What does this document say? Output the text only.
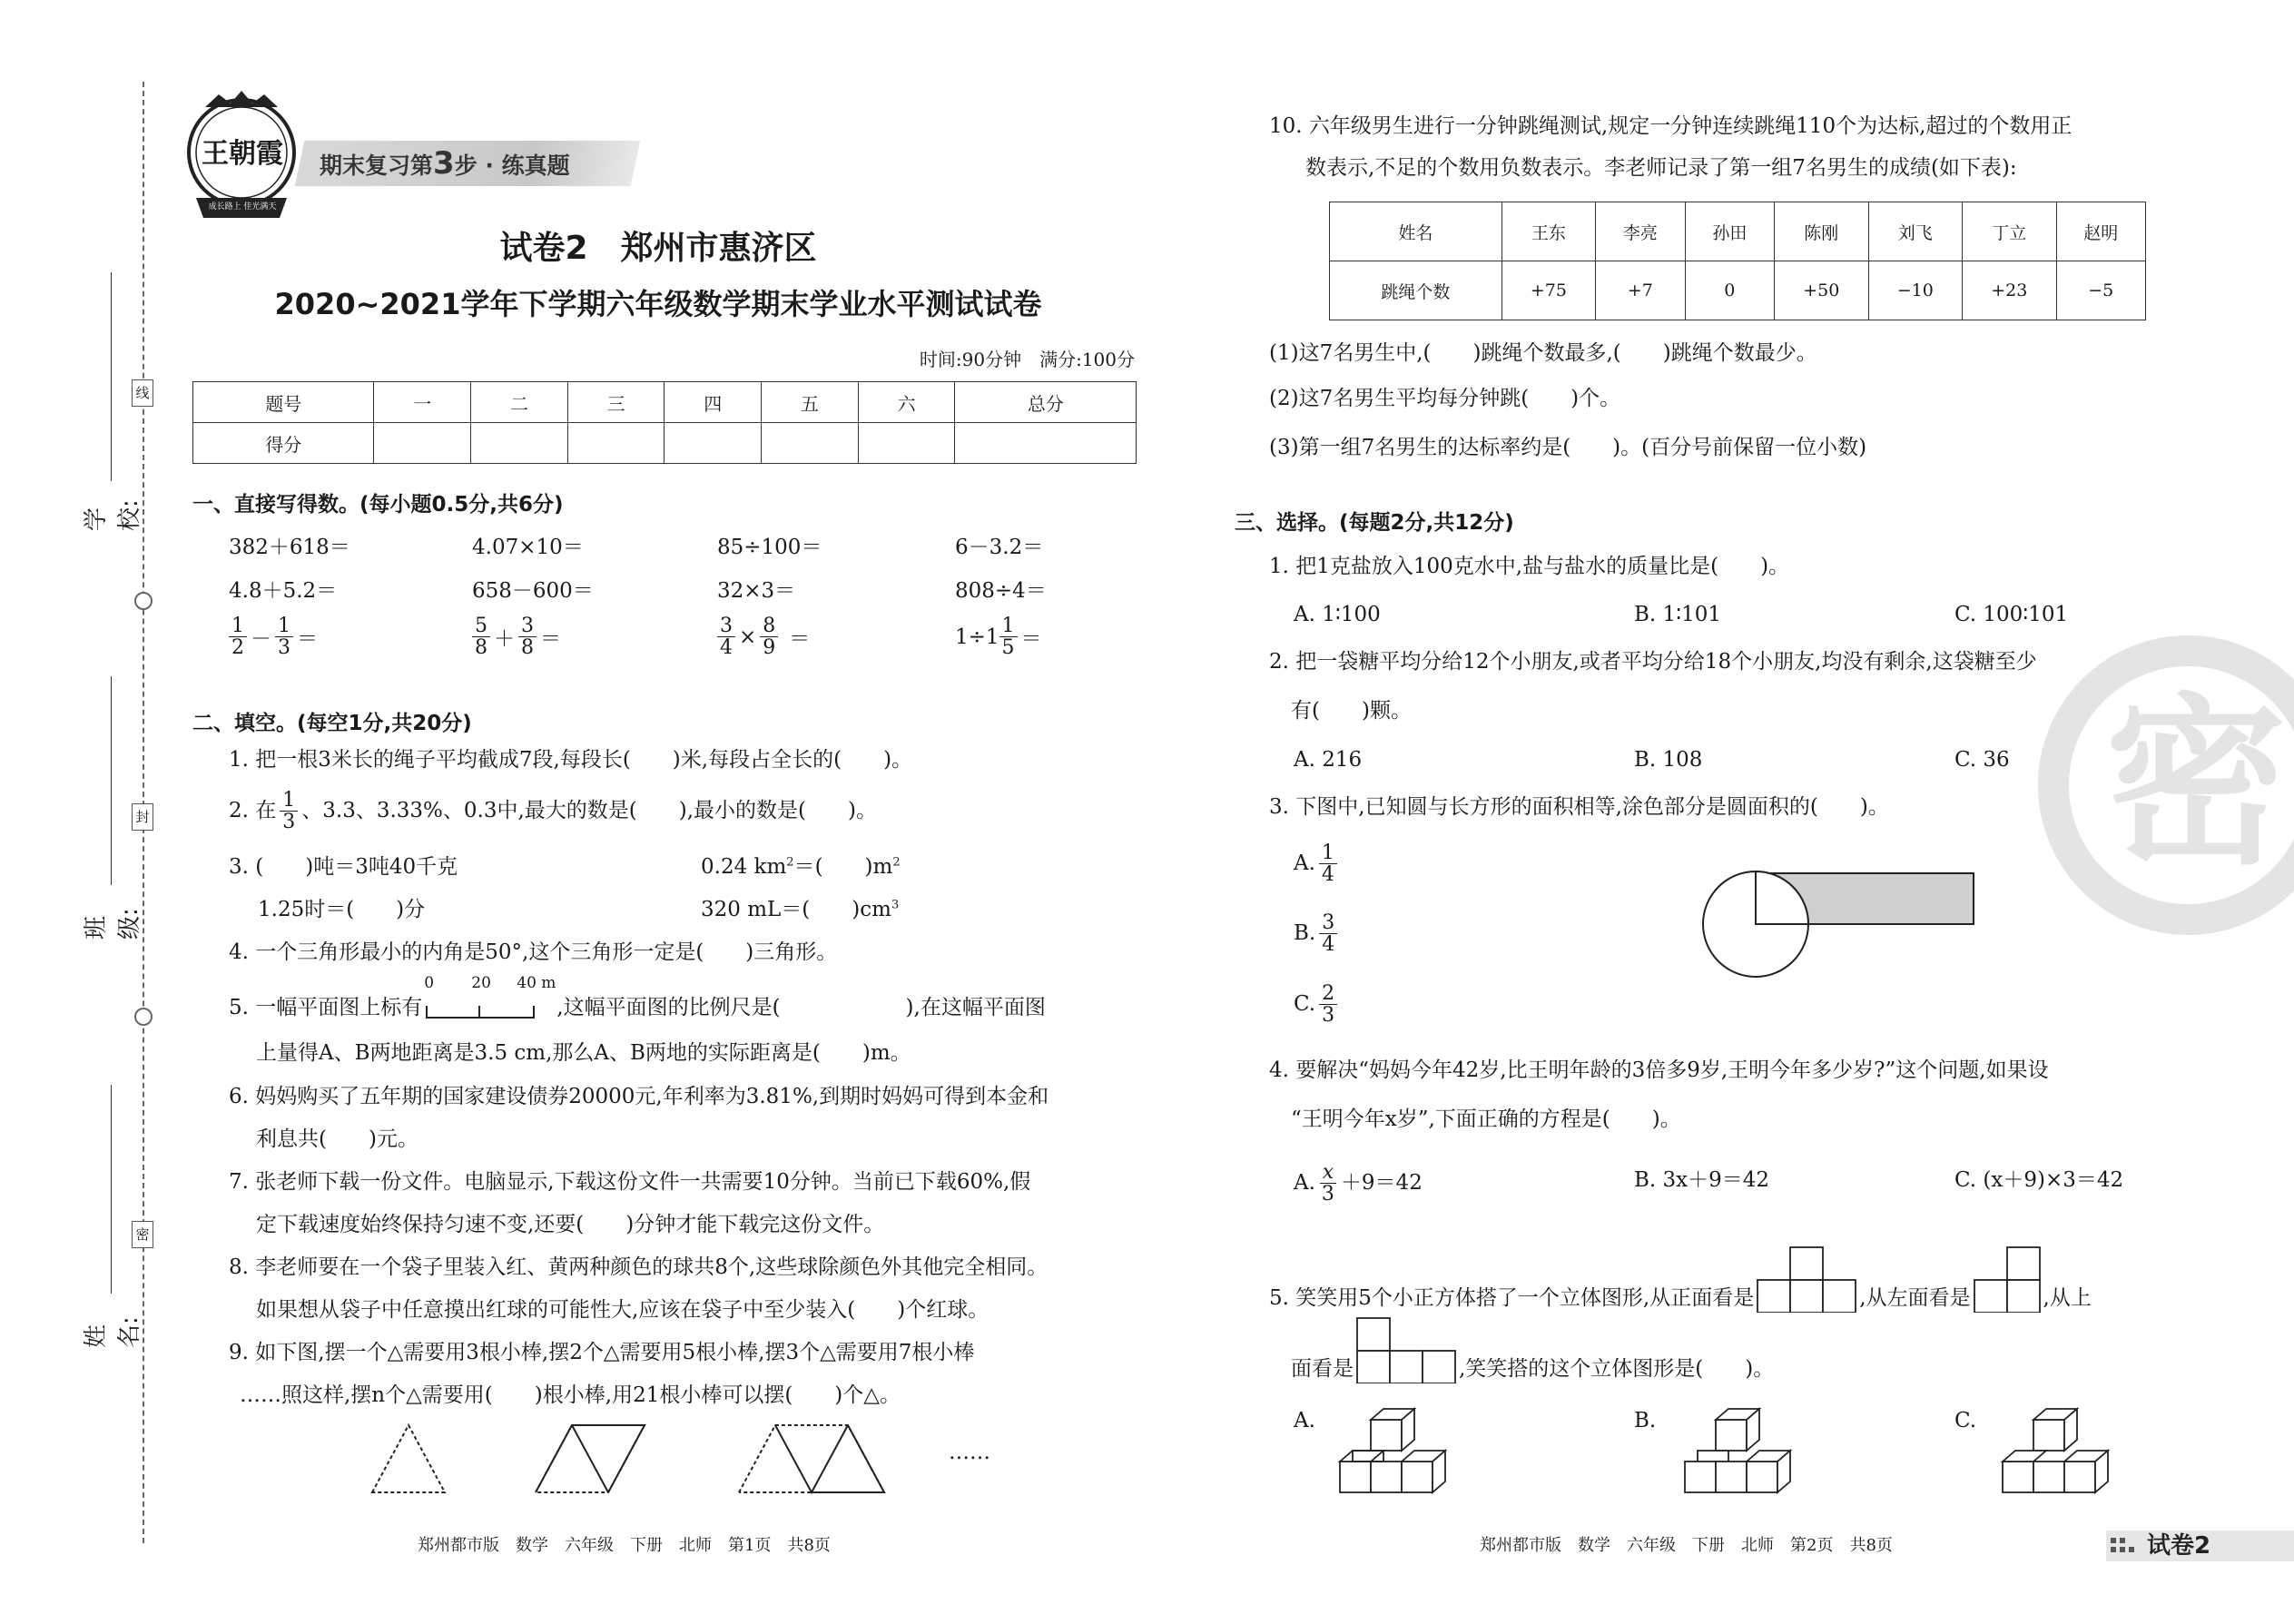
线
封
密
学校:
班级:
姓名:
王朝霞
成长路上 佳光满天
期末复习第3步 · 练真题
试卷2　郑州市惠济区
2020~2021学年下学期六年级数学期末学业水平测试试卷
时间:90分钟　满分:100分
题号	一	二	三	四	五	六	总分
得分							
一、直接写得数。(每小题0.5分,共6分)
382＋618＝	4.07×10＝	85÷100＝	6－3.2＝
4.8＋5.2＝	658－600＝	32×3＝	808÷4＝
$\frac{1}{2} - \frac{1}{3}$ ＝	$\frac{5}{8} + \frac{3}{8}$ ＝	$\frac{3}{4} \times \frac{8}{9}$ ＝	$1\div 1 \frac{1}{5}$ ＝
二、填空。(每空1分,共20分)
1. 把一根3米长的绳子平均截成7段,每段长(　　)米,每段占全长的(　　)。
2. 在 $\frac{1}{3}$ 、3.3、3.33%、0.3中,最大的数是(　　),最小的数是(　　)。
3. (　　)吨＝3吨40千克	0.24 $km^2=$(　　)$m^2$
1.25时＝(　　)分	320 mL＝(　　)$cm^3$
4. 一个三角形最小的内角是50°,这个三角形一定是(　　)三角形。
5. 一幅平面图上标有
0 20 40 m
,这幅平面图的比例尺是(　　　　　　),在这幅平面图
上量得A、B两地距离是3.5 cm,那么A、B两地的实际距离是(　　)m。
6. 妈妈购买了五年期的国家建设债券20000元,年利率为3.81%,到期时妈妈可得到本金和
利息共(　　)元。
7. 张老师下载一份文件。电脑显示,下载这份文件一共需要10分钟。当前已下载60%,假
定下载速度始终保持匀速不变,还要(　　)分钟才能下载完这份文件。
8. 李老师要在一个袋子里装入红、黄两种颜色的球共8个,这些球除颜色外其他完全相同。
如果想从袋子中任意摸出红球的可能性大,应该在袋子中至少装入(　　)个红球。
9. 如下图,摆一个△需要用3根小棒,摆2个△需要用5根小棒,摆3个△需要用7根小棒
……照这样,摆n个△需要用(　　)根小棒,用21根小棒可以摆(　　)个△。
……
郑州都市版　数学　六年级　下册　北师　第1页　共8页
密
10. 六年级男生进行一分钟跳绳测试,规定一分钟连续跳绳110个为达标,超过的个数用正
数表示,不足的个数用负数表示。李老师记录了第一组7名男生的成绩(如下表):
姓名	王东	李亮	孙田	陈刚	刘飞	丁立	赵明
跳绳个数	+75	+7	0	+50	−10	+23	−5
(1)这7名男生中,(　　)跳绳个数最多,(　　)跳绳个数最少。
(2)这7名男生平均每分钟跳(　　)个。
(3)第一组7名男生的达标率约是(　　)。(百分号前保留一位小数)
三、选择。(每题2分,共12分)
1. 把1克盐放入100克水中,盐与盐水的质量比是(　　)。
A. 1∶100	B. 1∶101	C. 100∶101
2. 把一袋糖平均分给12个小朋友,或者平均分给18个小朋友,均没有剩余,这袋糖至少
有(　　)颗。
A. 216	B. 108	C. 36
3. 下图中,已知圆与长方形的面积相等,涂色部分是圆面积的(　　)。
A. $\frac{1}{4}$
B. $\frac{3}{4}$
C. $\frac{2}{3}$
4. 要解决“妈妈今年42岁,比王明年龄的3倍多9岁,王明今年多少岁?”这个问题,如果设
“王明今年x岁”,下面正确的方程是(　　)。
A. $\frac{x}{3} +9=42$	B. 3x＋9＝42	C. (x＋9)×3＝42
5. 笑笑用5个小正方体搭了一个立体图形,从正面看是	,从左面看是	,从上
面看是	,笑笑搭的这个立体图形是(　　)。
A.	B.	C.
郑州都市版　数学　六年级　下册　北师　第2页　共8页	试卷2
